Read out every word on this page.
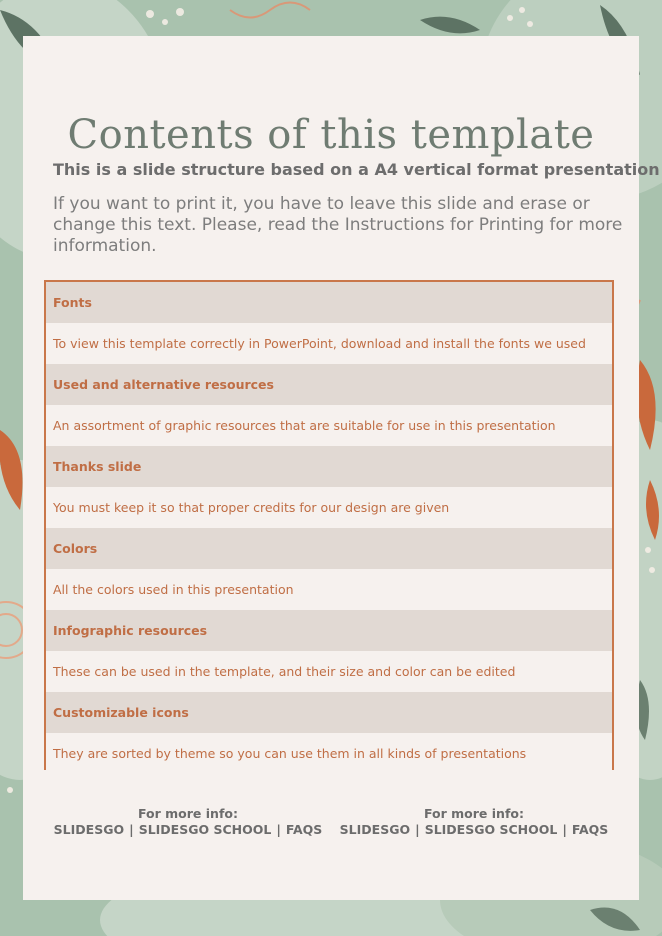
Contents of this template
This is a slide structure based on a A4 vertical format presentation
If you want to print it, you have to leave this slide and erase or change this text. Please, read the Instructions for Printing for more information.
Fonts
To view this template correctly in PowerPoint, download and install the fonts we used
Used and alternative resources
An assortment of graphic resources that are suitable for use in this presentation
Thanks slide
You must keep it so that proper credits for our design are given
Colors
All the colors used in this presentation
Infographic resources
These can be used in the template, and their size and color can be edited
Customizable icons
They are sorted by theme so you can use them in all kinds of presentations
For more info:
SLIDESGO | SLIDESGO SCHOOL | FAQS
For more info:
SLIDESGO | SLIDESGO SCHOOL | FAQS
